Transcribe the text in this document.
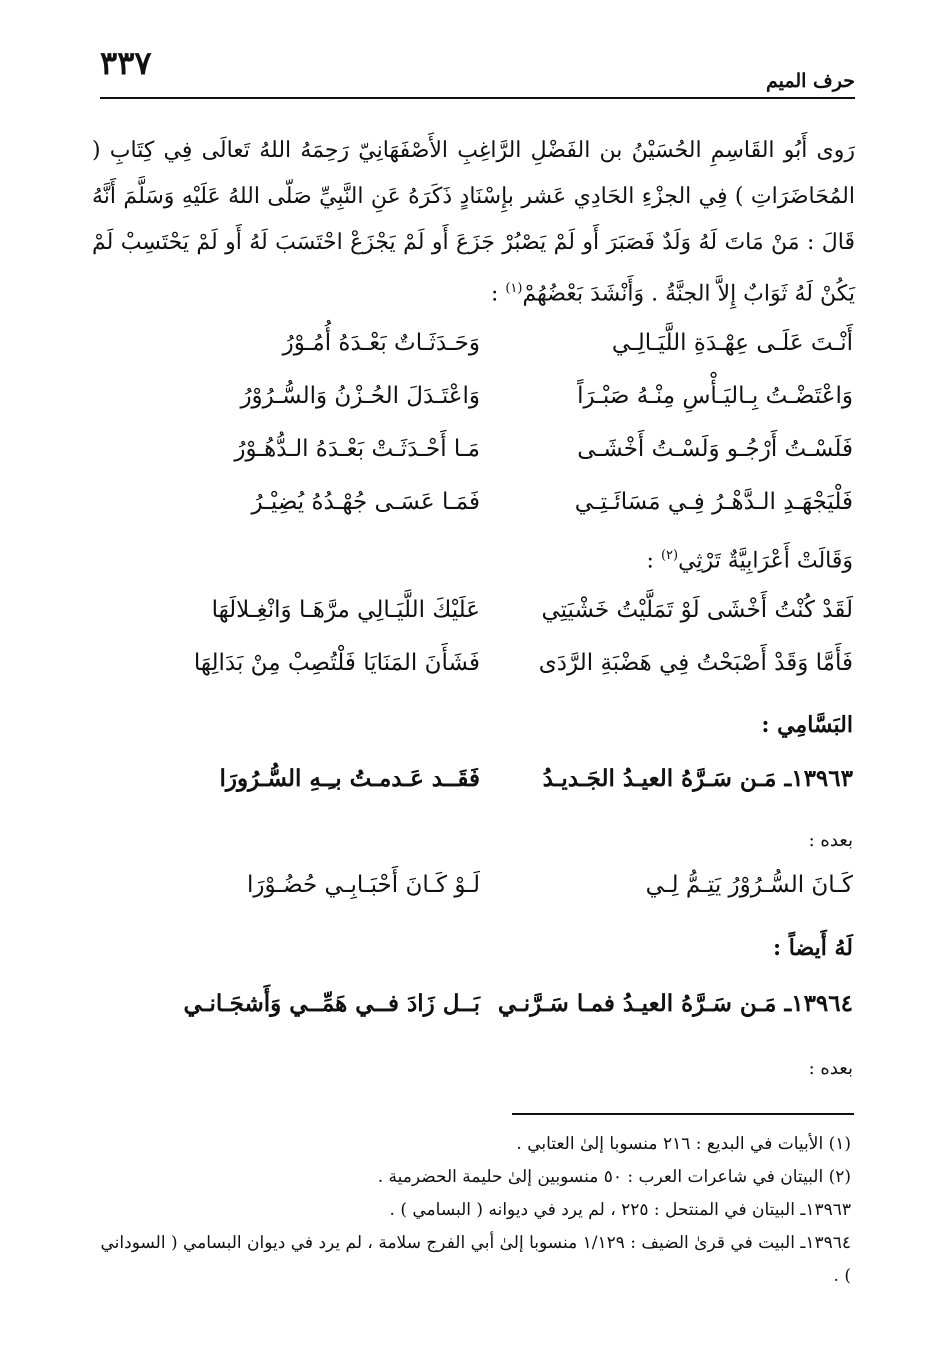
٣٣٧	حرف الميم
رَوى أَبُو القَاسِمِ الحُسَيْنُ بن الفَضْلِ الرَّاغِبِ الأَصْفَهَانِيّ رَحِمَهُ اللهُ تَعالَى فِي كِتَابِ ( المُحَاضَرَاتِ ) فِي الجزْءِ الحَادِي عَشر بإِسْنَادٍ ذَكَرَهُ عَنِ النَّبِيِّ صَلّى اللهُ عَلَيْهِ وَسَلَّمَ أَنَّهُ قَالَ : مَنْ مَاتَ لَهُ وَلَدٌ فَصَبَرَ أَو لَمْ يَصْبُرْ جَزَعَ أَو لَمْ يَجْزَعْ احْتَسَبَ لَهُ أَو لَمْ يَحْتَسِبْ لَمْ يَكُنْ لَهُ ثَوَابٌ إِلاَّ الجنَّةُ . وَأَنْشَدَ بَعْضُهُمْ$^{(١)}$ :
أَنْـتَ عَلَـى عِهْـدَةِ اللَّيَـالِـي
وَحَـدَثَـاتٌ بَعْـدَهُ أُمُـوْرُ
وَاعْتَضْـتُ بِـاليَـأْسِ مِنْـهُ صَبْـرَاً
وَاعْتَـدَلَ الحُـزْنُ وَالسُّـرُوْرُ
فَلَسْـتُ أَرْجُـو وَلَسْـتُ أَخْشَـى
مَـا أَحْـدَثَـتْ بَعْـدَهُ الـدُّهُـوْرُ
فَلْيَجْهَـدِ الـدَّهْـرُ فِـي مَسَائَـتِـي
فَمَـا عَسَـى جُهْـدُهُ يُضِيْـرُ
وَقَالَتْ أَعْرَابِيَّةٌ تَرْثِي$^{(٢)}$ :
لَقَدْ كُنْتُ أَخْشَى لَوْ تَمَلَّيْتُ خَشْيَتِي
عَلَيْكَ اللَّيَـالِي مرَّهَـا وَانْغِـلالَهَا
فَأَمَّا وَقَدْ أَصْبَحْتُ فِي هَضْبَةِ الرَّدَى
فَشَأَنَ المَنَايَا فَلْتُصِبْ مِنْ بَدَالِهَا
البَسَّامِي :
١٣٩٦٣ـ مَـن سَـرَّهُ العيـدُ الجَـديـدُ
فَقَــد عَـدمـتُ بـِـهِ السُّـرُورَا
بعده :
كَـانَ السُّـرُوْرُ يَتِـمُّ لِـي
لَـوْ كَـانَ أَحْبَـابِـي حُضُـوْرَا
لَهُ أَيضاً :
١٣٩٦٤ـ مَـن سَـرَّهُ العيـدُ فمـا سَـرَّنـي
بَــل زَادَ فــي هَمِّــي وَأَشجَـانـي
بعده :

(١) الأبيات في البديع : ٢١٦ منسوبا إلىٰ العتابي .

(٢) البيتان في شاعرات العرب : ٥٠ منسوبين إلىٰ حليمة الحضرمية .

١٣٩٦٣ـ البيتان في المنتحل : ٢٢٥ ، لم يرد في ديوانه ( البسامي ) .

١٣٩٦٤ـ البيت في قرىٰ الضيف : ١/١٢٩ منسوبا إلىٰ أبي الفرج سلامة ، لم يرد في ديوان البسامي ( السوداني ) .
